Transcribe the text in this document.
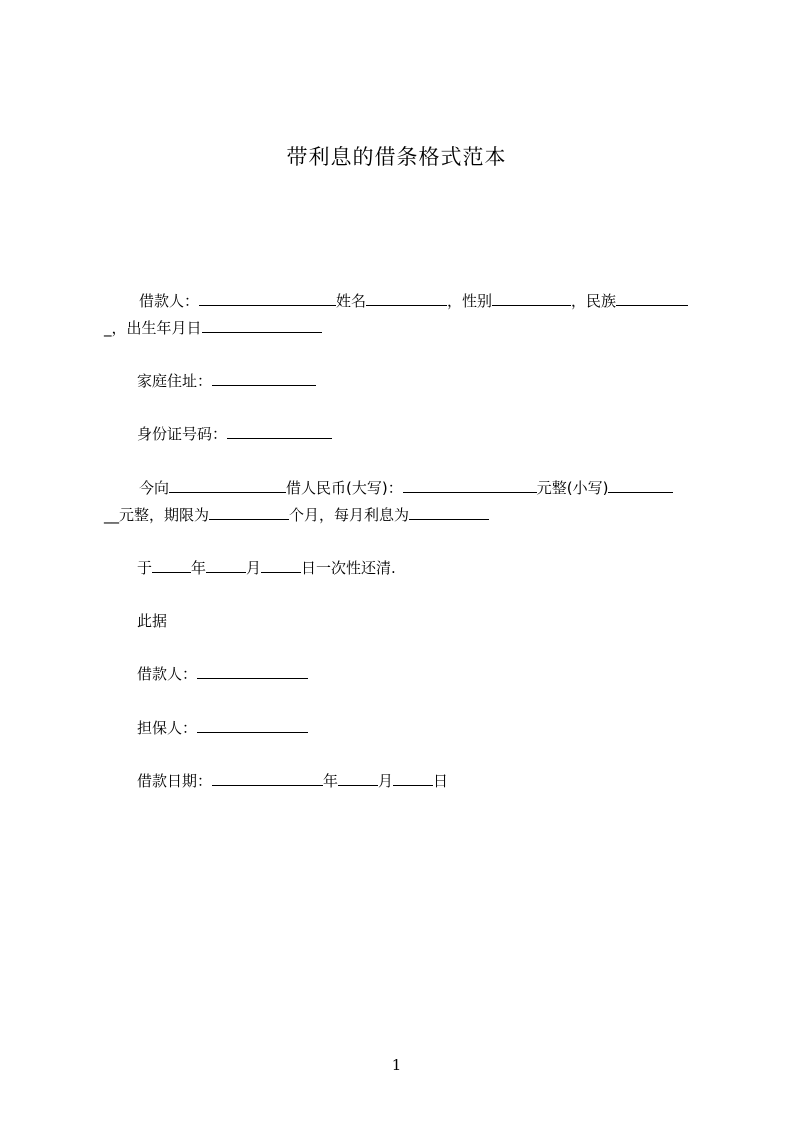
带利息的借条格式范本
借款人：	姓名	，性别	，民族
_，出生年月日
家庭住址：
身份证号码：
今向	借人民币(大写)：	元整(小写)
__元整，期限为	个月，每月利息为
于	年	月	日一次性还清.
此据
借款人：
担保人：
借款日期：	年	月	日
1
